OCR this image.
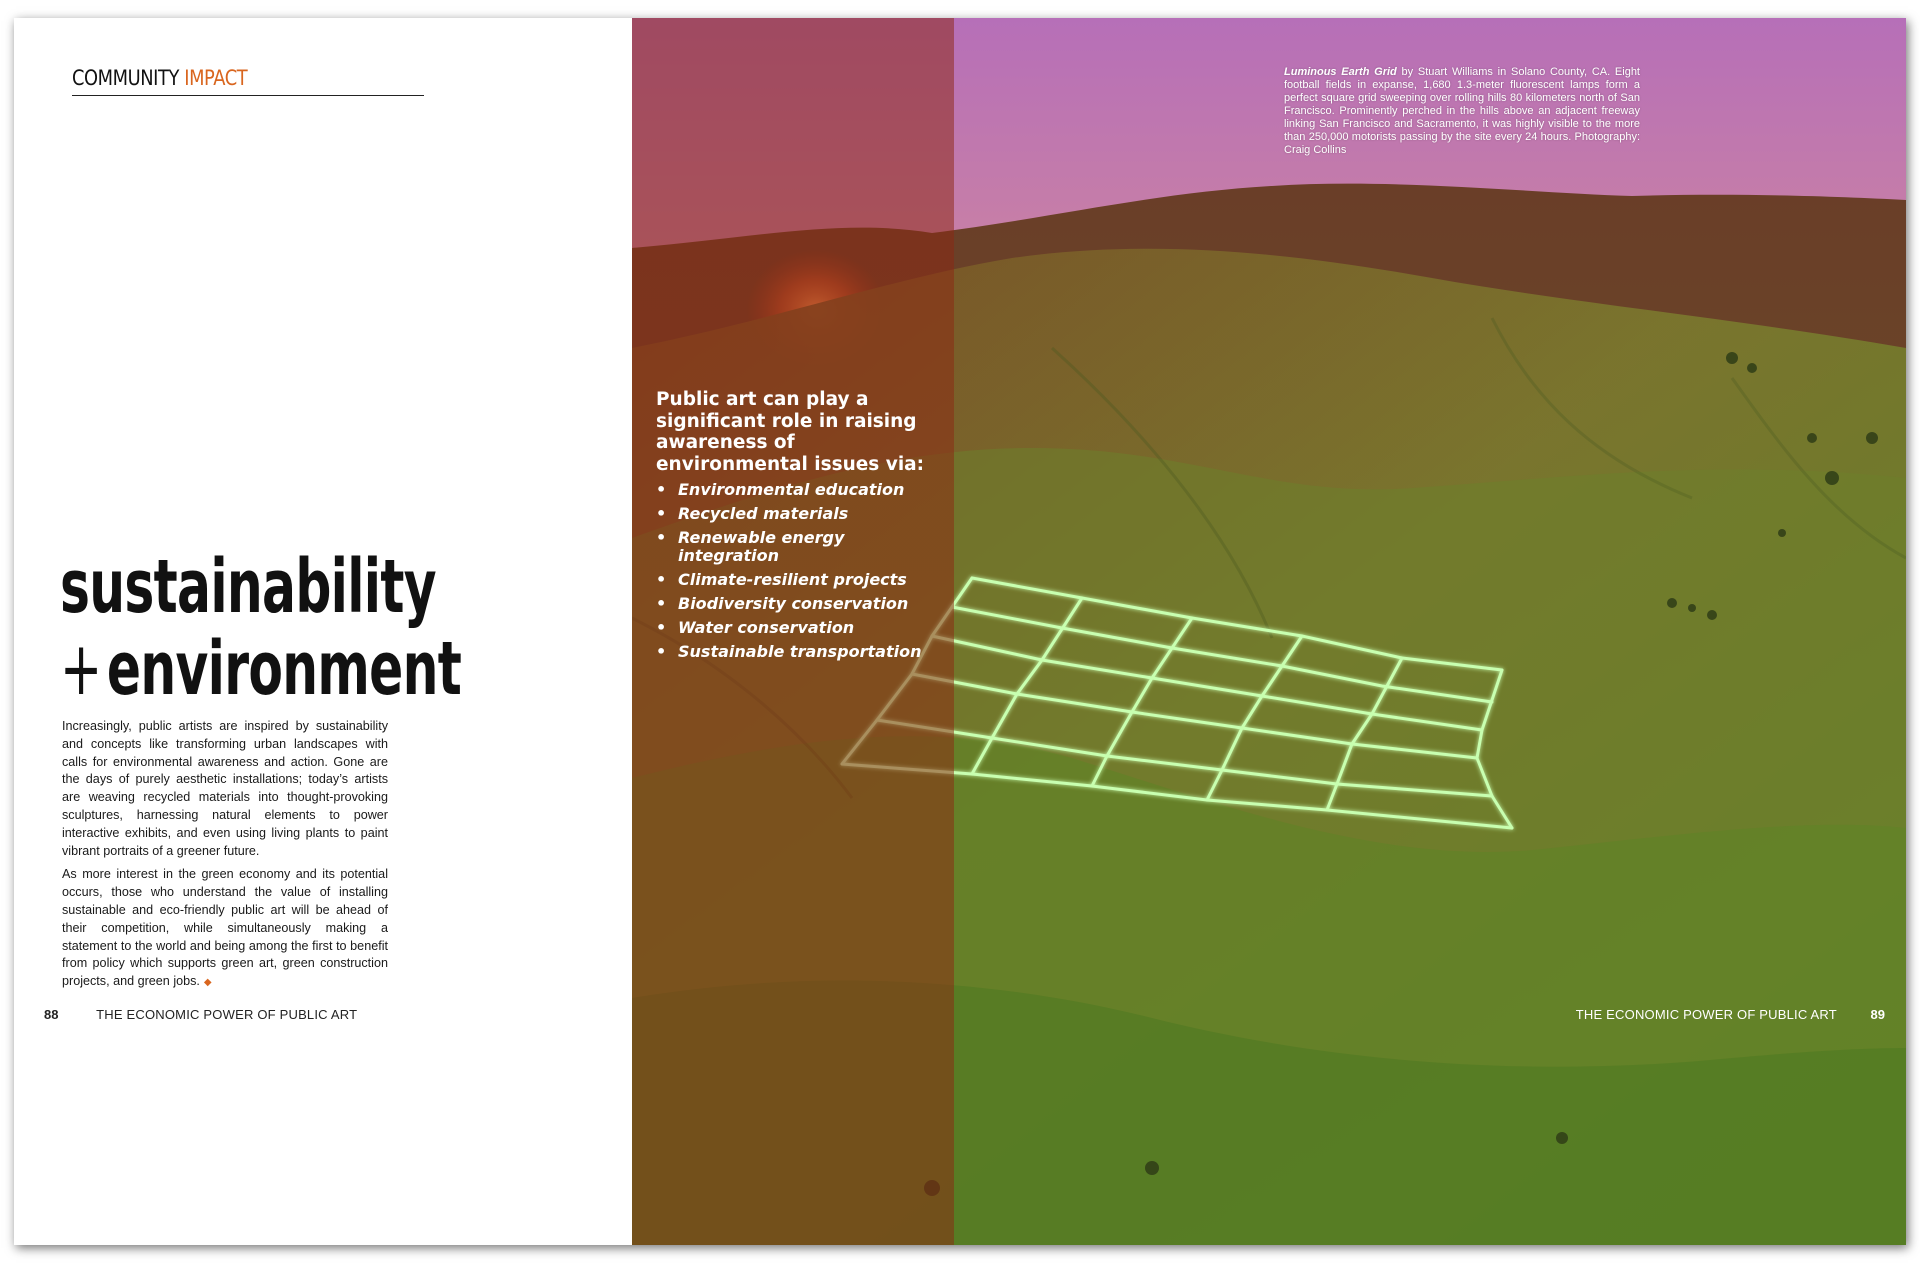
COMMUNITY IMPACT
sustainability
+environment

Increasingly, public artists are inspired by sustainability and concepts like transforming urban landscapes with calls for environmental awareness and action. Gone are the days of purely aesthetic installations; today’s artists are weaving recycled materials into thought-provoking sculptures, harnessing natural elements to power interactive exhibits, and even using living plants to paint vibrant portraits of a greener future.

As more interest in the green economy and its potential occurs, those who understand the value of installing sustainable and eco-friendly public art will be ahead of their competition, while simultaneously making a statement to the world and being among the first to benefit from policy which supports green art, green construction projects, and green jobs. ◆

88	THE ECONOMIC POWER OF PUBLIC ART

Public art can play a significant role in raising awareness of environmental issues via:

• Environmental education
• Recycled materials
• Renewable energy integration
• Climate-resilient projects
• Biodiversity conservation
• Water conservation
• Sustainable transportation
Luminous Earth Grid by Stuart Williams in Solano County, CA. Eight football fields in expanse, 1,680 1.3-meter fluorescent lamps form a perfect square grid sweeping over rolling hills 80 kilometers north of San Francisco. Prominently perched in the hills above an adjacent freeway linking San Francisco and Sacramento, it was highly visible to the more than 250,000 motorists passing by the site every 24 hours. Photography: Craig Collins
THE ECONOMIC POWER OF PUBLIC ART	89
